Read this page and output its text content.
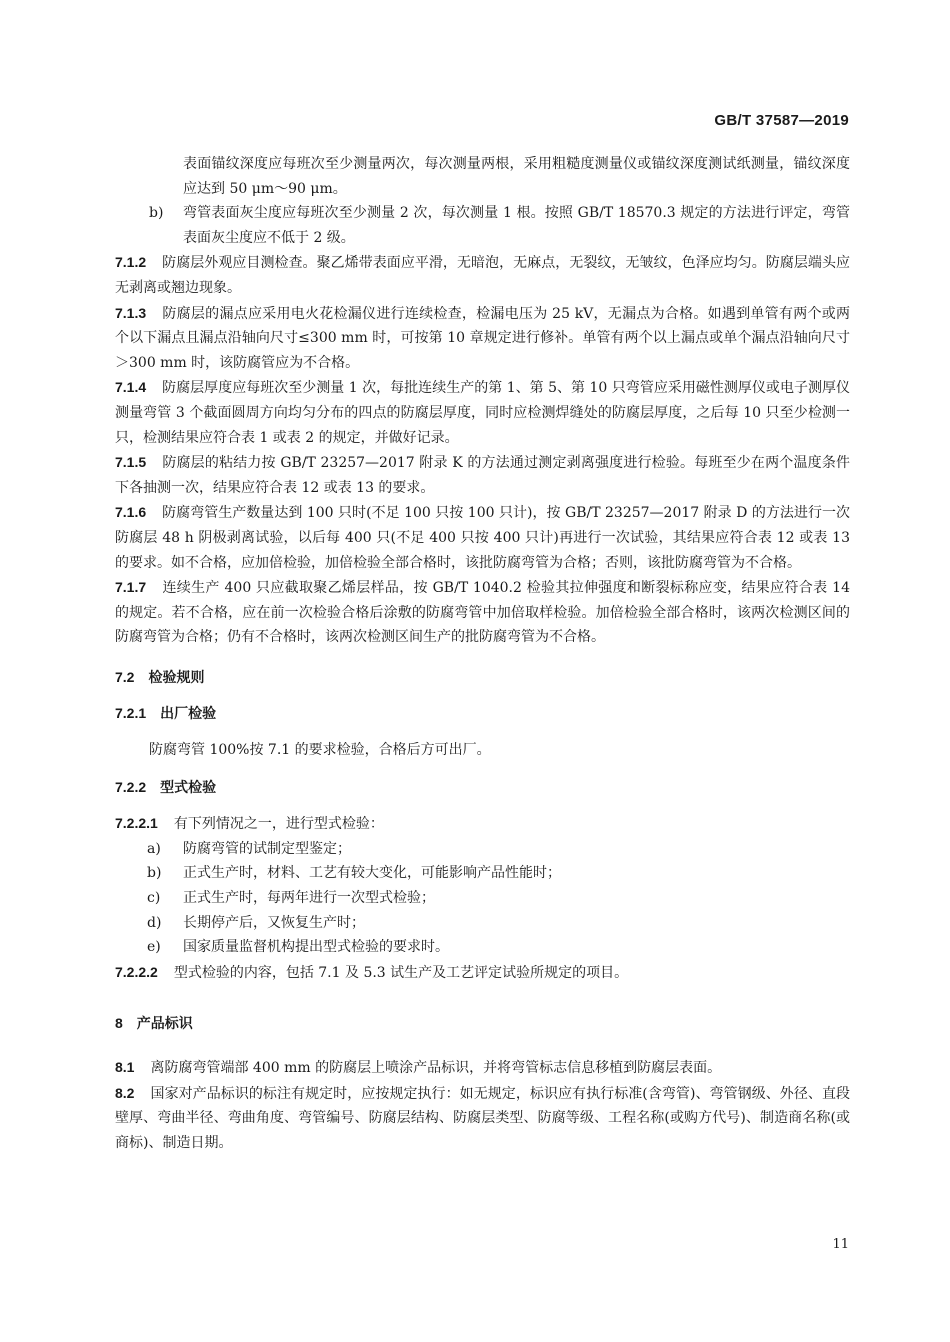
GB/T 37587—2019

表面锚纹深度应每班次至少测量两次，每次测量两根，采用粗糙度测量仪或锚纹深度测试纸测量，锚纹深度应达到 50 μm～90 μm。

b) 弯管表面灰尘度应每班次至少测量 2 次，每次测量 1 根。按照 GB/T 18570.3 规定的方法进行评定，弯管表面灰尘度应不低于 2 级。

7.1.2 防腐层外观应目测检查。聚乙烯带表面应平滑，无暗泡，无麻点，无裂纹，无皱纹，色泽应均匀。防腐层端头应无剥离或翘边现象。

7.1.3 防腐层的漏点应采用电火花检漏仪进行连续检查，检漏电压为 25 kV，无漏点为合格。如遇到单管有两个或两个以下漏点且漏点沿轴向尺寸≤300 mm 时，可按第 10 章规定进行修补。单管有两个以上漏点或单个漏点沿轴向尺寸＞300 mm 时，该防腐管应为不合格。

7.1.4 防腐层厚度应每班次至少测量 1 次，每批连续生产的第 1、第 5、第 10 只弯管应采用磁性测厚仪或电子测厚仪测量弯管 3 个截面圆周方向均匀分布的四点的防腐层厚度，同时应检测焊缝处的防腐层厚度，之后每 10 只至少检测一只，检测结果应符合表 1 或表 2 的规定，并做好记录。

7.1.5 防腐层的粘结力按 GB/T 23257—2017 附录 K 的方法通过测定剥离强度进行检验。每班至少在两个温度条件下各抽测一次，结果应符合表 12 或表 13 的要求。

7.1.6 防腐弯管生产数量达到 100 只时(不足 100 只按 100 只计)，按 GB/T 23257—2017 附录 D 的方法进行一次防腐层 48 h 阴极剥离试验，以后每 400 只(不足 400 只按 400 只计)再进行一次试验，其结果应符合表 12 或表 13 的要求。如不合格，应加倍检验，加倍检验全部合格时，该批防腐弯管为合格；否则，该批防腐弯管为不合格。

7.1.7 连续生产 400 只应截取聚乙烯层样品，按 GB/T 1040.2 检验其拉伸强度和断裂标称应变，结果应符合表 14 的规定。若不合格，应在前一次检验合格后涂敷的防腐弯管中加倍取样检验。加倍检验全部合格时，该两次检测区间的防腐弯管为合格；仍有不合格时，该两次检测区间生产的批防腐弯管为不合格。

7.2 检验规则

7.2.1 出厂检验

防腐弯管 100%按 7.1 的要求检验，合格后方可出厂。

7.2.2 型式检验

7.2.2.1 有下列情况之一，进行型式检验：

a) 防腐弯管的试制定型鉴定；

b) 正式生产时，材料、工艺有较大变化，可能影响产品性能时；

c) 正式生产时，每两年进行一次型式检验；

d) 长期停产后，又恢复生产时；

e) 国家质量监督机构提出型式检验的要求时。

7.2.2.2 型式检验的内容，包括 7.1 及 5.3 试生产及工艺评定试验所规定的项目。

8 产品标识

8.1 离防腐弯管端部 400 mm 的防腐层上喷涂产品标识，并将弯管标志信息移植到防腐层表面。

8.2 国家对产品标识的标注有规定时，应按规定执行：如无规定，标识应有执行标准(含弯管)、弯管钢级、外径、直段壁厚、弯曲半径、弯曲角度、弯管编号、防腐层结构、防腐层类型、防腐等级、工程名称(或购方代号)、制造商名称(或商标)、制造日期。

11
